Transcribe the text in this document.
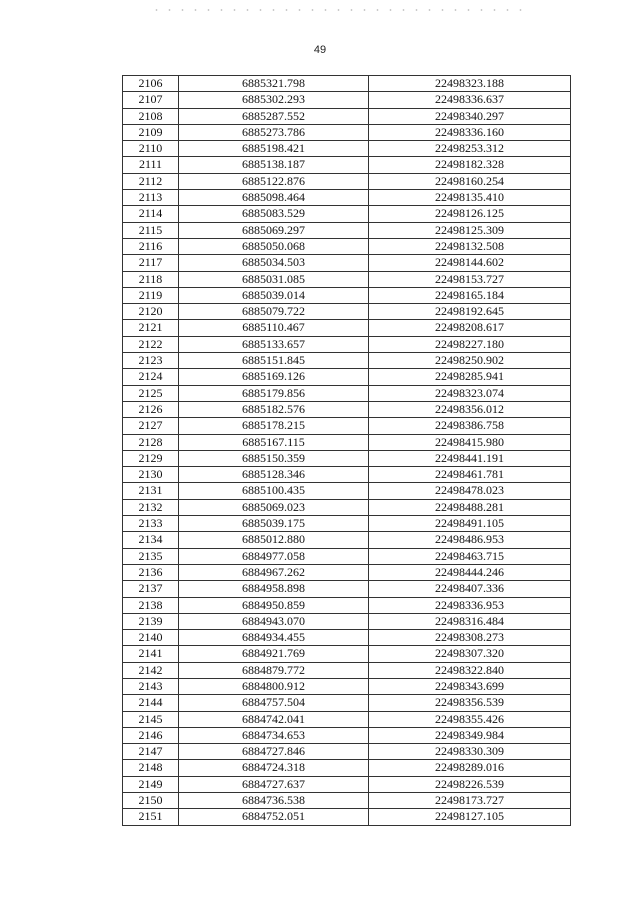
49
2106	6885321.798	22498323.188
2107	6885302.293	22498336.637
2108	6885287.552	22498340.297
2109	6885273.786	22498336.160
2110	6885198.421	22498253.312
2111	6885138.187	22498182.328
2112	6885122.876	22498160.254
2113	6885098.464	22498135.410
2114	6885083.529	22498126.125
2115	6885069.297	22498125.309
2116	6885050.068	22498132.508
2117	6885034.503	22498144.602
2118	6885031.085	22498153.727
2119	6885039.014	22498165.184
2120	6885079.722	22498192.645
2121	6885110.467	22498208.617
2122	6885133.657	22498227.180
2123	6885151.845	22498250.902
2124	6885169.126	22498285.941
2125	6885179.856	22498323.074
2126	6885182.576	22498356.012
2127	6885178.215	22498386.758
2128	6885167.115	22498415.980
2129	6885150.359	22498441.191
2130	6885128.346	22498461.781
2131	6885100.435	22498478.023
2132	6885069.023	22498488.281
2133	6885039.175	22498491.105
2134	6885012.880	22498486.953
2135	6884977.058	22498463.715
2136	6884967.262	22498444.246
2137	6884958.898	22498407.336
2138	6884950.859	22498336.953
2139	6884943.070	22498316.484
2140	6884934.455	22498308.273
2141	6884921.769	22498307.320
2142	6884879.772	22498322.840
2143	6884800.912	22498343.699
2144	6884757.504	22498356.539
2145	6884742.041	22498355.426
2146	6884734.653	22498349.984
2147	6884727.846	22498330.309
2148	6884724.318	22498289.016
2149	6884727.637	22498226.539
2150	6884736.538	22498173.727
2151	6884752.051	22498127.105
